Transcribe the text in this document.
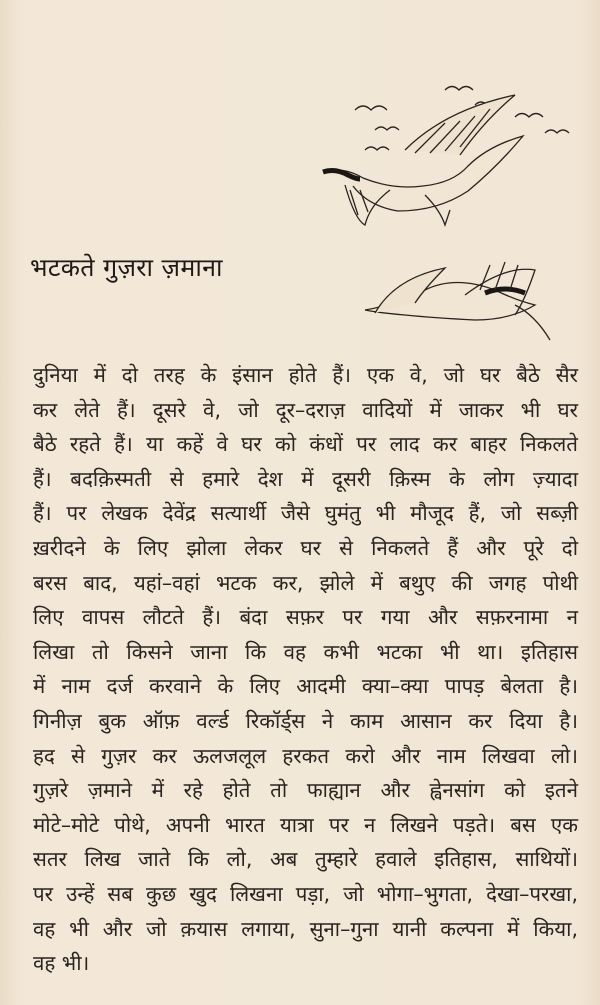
भटकते गुज़रा ज़माना
दुनिया में दो तरह के इंसान होते हैं। एक वे, जो घर बैठे सैर
कर लेते हैं। दूसरे वे, जो दूर–दराज़ वादियों में जाकर भी घर
बैठे रहते हैं। या कहें वे घर को कंधों पर लाद कर बाहर निकलते
हैं। बदक़िस्मती से हमारे देश में दूसरी क़िस्म के लोग ज़्यादा
हैं। पर लेखक देवेंद्र सत्यार्थी जैसे घुमंतु भी मौजूद हैं, जो सब्ज़ी
ख़रीदने के लिए झोला लेकर घर से निकलते हैं और पूरे दो
बरस बाद, यहां–वहां भटक कर, झोले में बथुए की जगह पोथी
लिए वापस लौटते हैं। बंदा सफ़र पर गया और सफ़रनामा न
लिखा तो किसने जाना कि वह कभी भटका भी था। इतिहास
में नाम दर्ज करवाने के लिए आदमी क्या–क्या पापड़ बेलता है।
गिनीज़ बुक ऑफ़ वर्ल्ड रिकॉर्ड्स ने काम आसान कर दिया है।
हद से गुज़र कर ऊलजलूल हरकत करो और नाम लिखवा लो।
गुज़रे ज़माने में रहे होते तो फाह्यान और ह्वेनसांग को इतने
मोटे–मोटे पोथे, अपनी भारत यात्रा पर न लिखने पड़ते। बस एक
सतर लिख जाते कि लो, अब तुम्हारे हवाले इतिहास, साथियों।
पर उन्हें सब कुछ खुद लिखना पड़ा, जो भोगा–भुगता, देखा–परखा,
वह भी और जो क़यास लगाया, सुना–गुना यानी कल्पना में किया,
वह भी।
